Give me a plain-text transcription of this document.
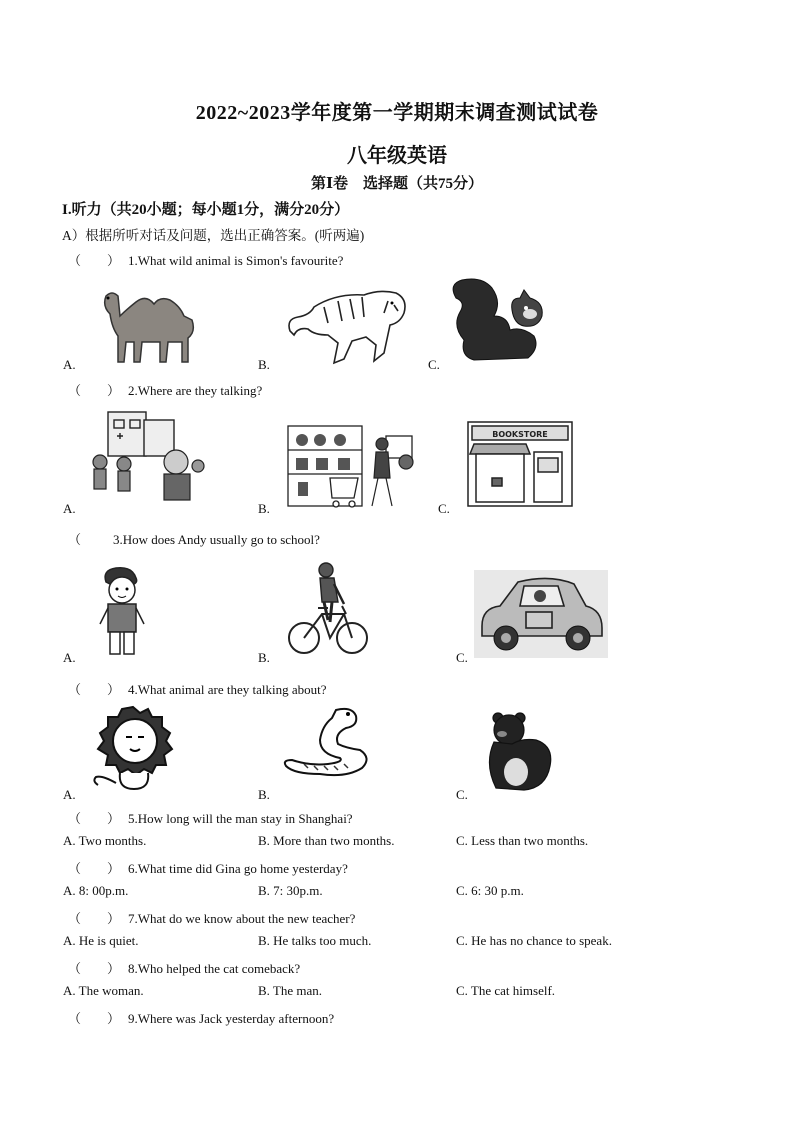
2022~2023学年度第一学期期末调查测试试卷
八年级英语
第Ⅰ卷　选择题（共75分）
I.听力（共20小题；每小题1分，满分20分）
A）根据所听对话及问题，选出正确答案。(听两遍)
（　　） 1.What wild animal is Simon's favourite?
A.	B.	C.
（　　） 2.Where are they talking?
A.	B.
BOOKSTORE
C.
（ 3.How does Andy usually go to school?
A.	B.	C.
（　　） 4.What animal are they talking about?
A.	B.	C.
（　　） 5.How long will the man stay in Shanghai?
A. Two months.	B. More than two months.	C. Less than two months.
（　　） 6.What time did Gina go home yesterday?
A. 8: 00p.m.	B. 7: 30p.m.	C. 6: 30 p.m.
（　　） 7.What do we know about the new teacher?
A. He is quiet.	B. He talks too much.	C. He has no chance to speak.
（　　） 8.Who helped the cat comeback?
A. The woman.	B. The man.	C. The cat himself.
（　　） 9.Where was Jack yesterday afternoon?
